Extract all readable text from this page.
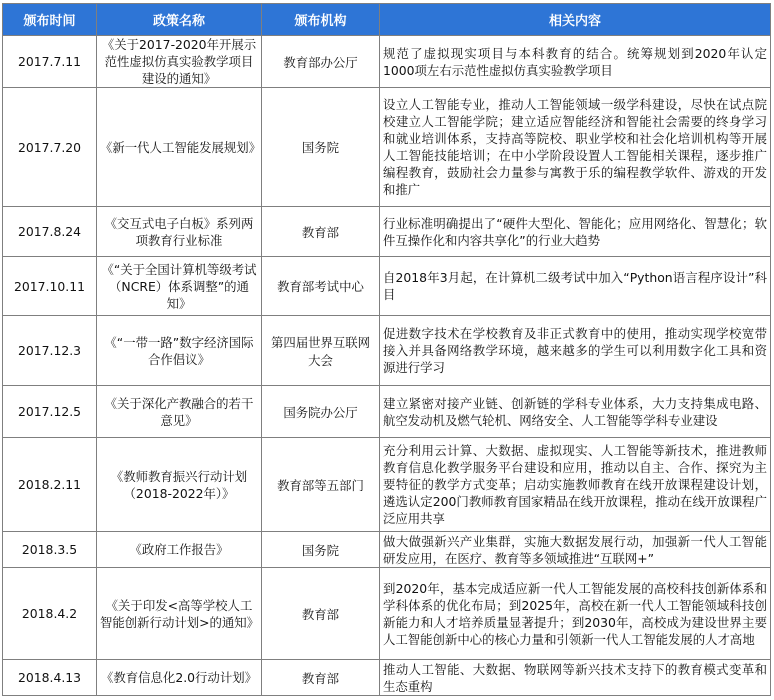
颁布时间	政策名称	颁布机构	相关内容
2017.7.11	《关于2017-2020年开展示范性虚拟仿真实验教学项目建设的通知》	教育部办公厅	规范了虚拟现实项目与本科教育的结合。统筹规划到2020年认定1000项左右示范性虚拟仿真实验教学项目
2017.7.20	《新一代人工智能发展规划》	国务院	设立人工智能专业，推动人工智能领域一级学科建设，尽快在试点院校建立人工智能学院；建立适应智能经济和智能社会需要的终身学习和就业培训体系，支持高等院校、职业学校和社会化培训机构等开展人工智能技能培训；在中小学阶段设置人工智能相关课程，逐步推广编程教育，鼓励社会力量参与寓教于乐的编程教学软件、游戏的开发和推广
2017.8.24	《交互式电子白板》系列两项教育行业标准	教育部	行业标准明确提出了“硬件大型化、智能化；应用网络化、智慧化；软件互操作化和内容共享化”的行业大趋势
2017.10.11	《“关于全国计算机等级考试（NCRE）体系调整”的通知》	教育部考试中心	自2018年3月起，在计算机二级考试中加入“Python语言程序设计”科目
2017.12.3	《“一带一路”数字经济国际合作倡议》	第四届世界互联网大会	促进数字技术在学校教育及非正式教育中的使用，推动实现学校宽带接入并具备网络教学环境，越来越多的学生可以利用数字化工具和资源进行学习
2017.12.5	《关于深化产教融合的若干意见》	国务院办公厅	建立紧密对接产业链、创新链的学科专业体系，大力支持集成电路、航空发动机及燃气轮机、网络安全、人工智能等学科专业建设
2018.2.11	《教师教育振兴行动计划（2018-2022年）》	教育部等五部门	充分利用云计算、大数据、虚拟现实、人工智能等新技术，推进教师教育信息化教学服务平台建设和应用，推动以自主、合作、探究为主要特征的教学方式变革；启动实施教师教育在线开放课程建设计划，遴选认定200门教师教育国家精品在线开放课程，推动在线开放课程广泛应用共享
2018.3.5	《政府工作报告》	国务院	做大做强新兴产业集群，实施大数据发展行动，加强新一代人工智能研发应用，在医疗、教育等多领域推进“互联网+”
2018.4.2	《关于印发<高等学校人工智能创新行动计划>的通知》	教育部	到2020年，基本完成适应新一代人工智能发展的高校科技创新体系和学科体系的优化布局；到2025年，高校在新一代人工智能领域科技创新能力和人才培养质量显著提升；到2030年，高校成为建设世界主要人工智能创新中心的核心力量和引领新一代人工智能发展的人才高地
2018.4.13	《教育信息化2.0行动计划》	教育部	推动人工智能、大数据、物联网等新兴技术支持下的教育模式变革和生态重构
